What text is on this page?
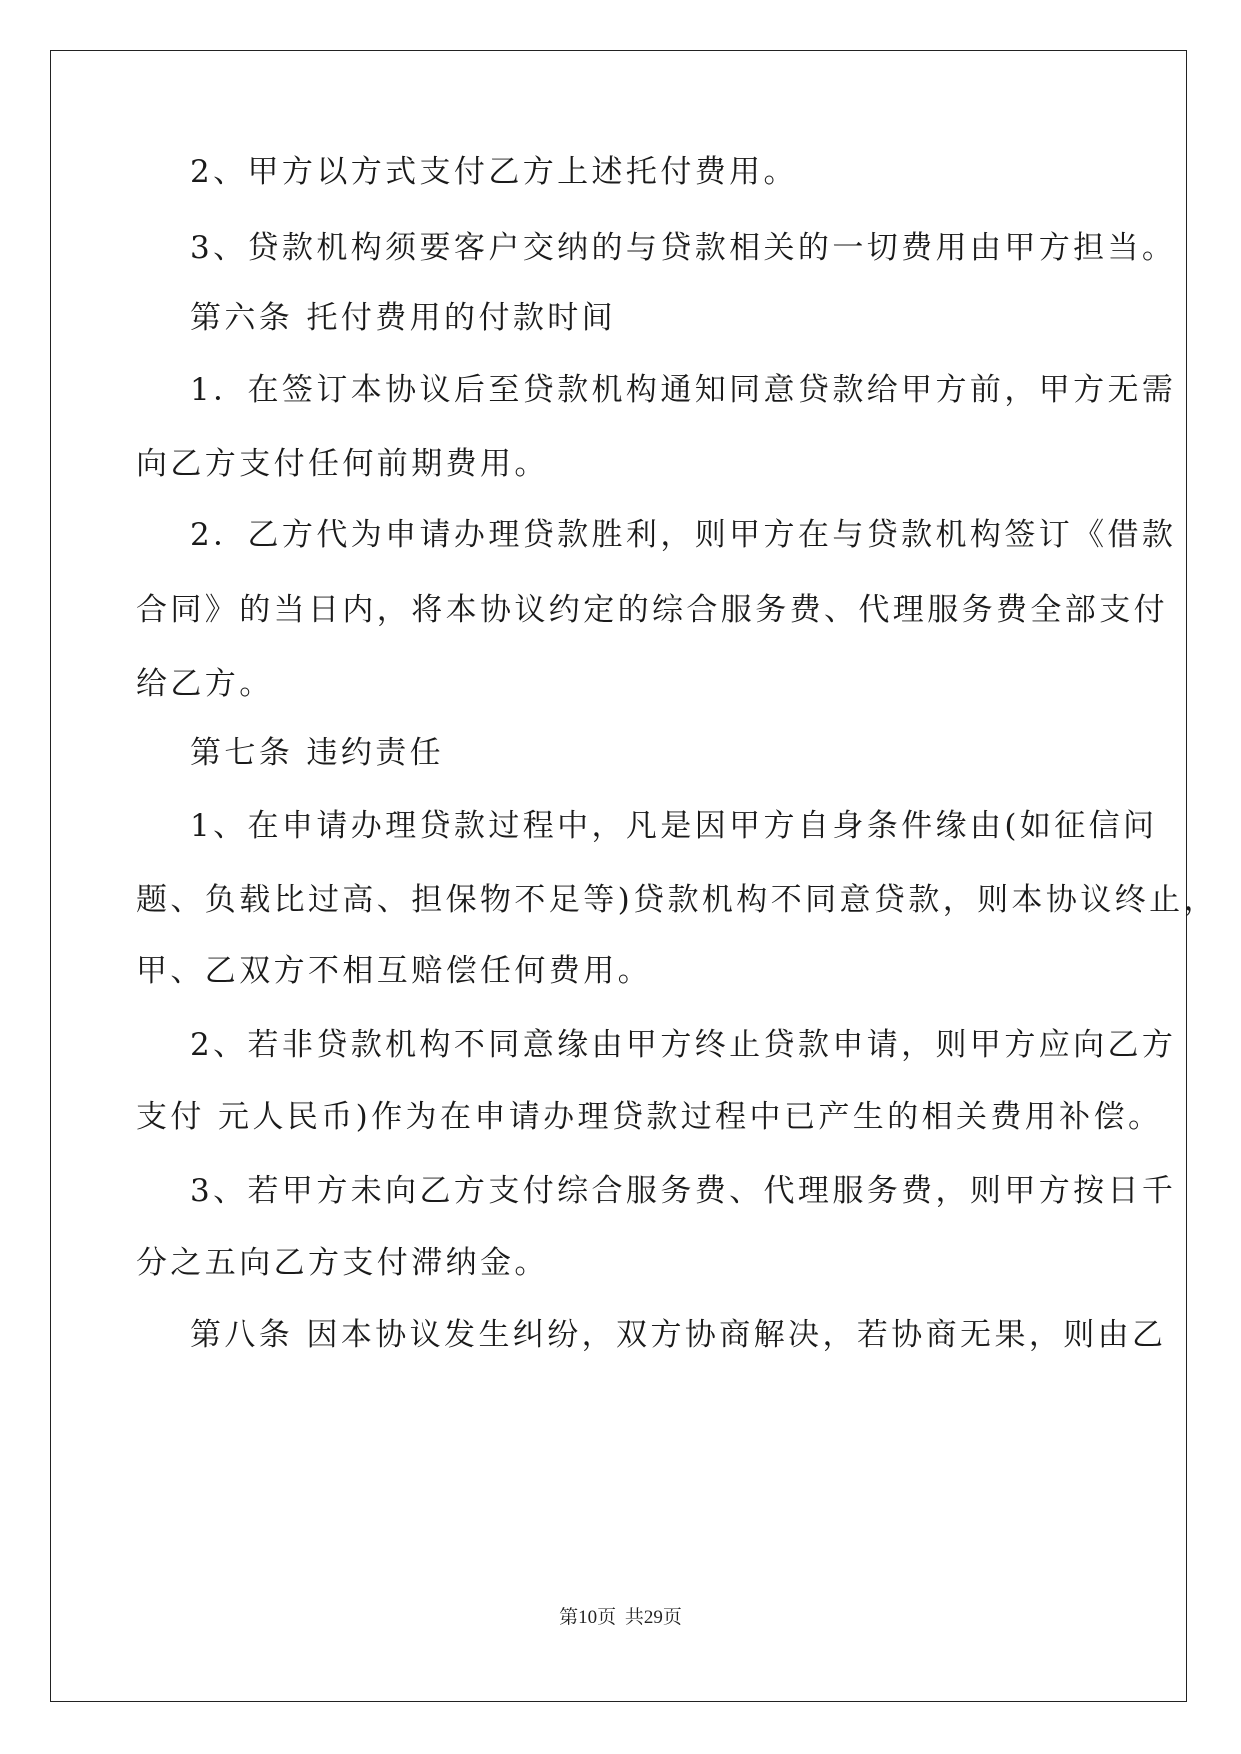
2、甲方以方式支付乙方上述托付费用。
3、贷款机构须要客户交纳的与贷款相关的一切费用由甲方担当。
第六条 托付费用的付款时间
1．在签订本协议后至贷款机构通知同意贷款给甲方前，甲方无需
向乙方支付任何前期费用。
2．乙方代为申请办理贷款胜利，则甲方在与贷款机构签订《借款
合同》的当日内，将本协议约定的综合服务费、代理服务费全部支付
给乙方。
第七条 违约责任
1、在申请办理贷款过程中，凡是因甲方自身条件缘由(如征信问
题、负载比过高、担保物不足等)贷款机构不同意贷款，则本协议终止，
甲、乙双方不相互赔偿任何费用。
2、若非贷款机构不同意缘由甲方终止贷款申请，则甲方应向乙方
支付 元人民币)作为在申请办理贷款过程中已产生的相关费用补偿。
3、若甲方未向乙方支付综合服务费、代理服务费，则甲方按日千
分之五向乙方支付滞纳金。
第八条 因本协议发生纠纷，双方协商解决，若协商无果，则由乙
第10页 共29页
